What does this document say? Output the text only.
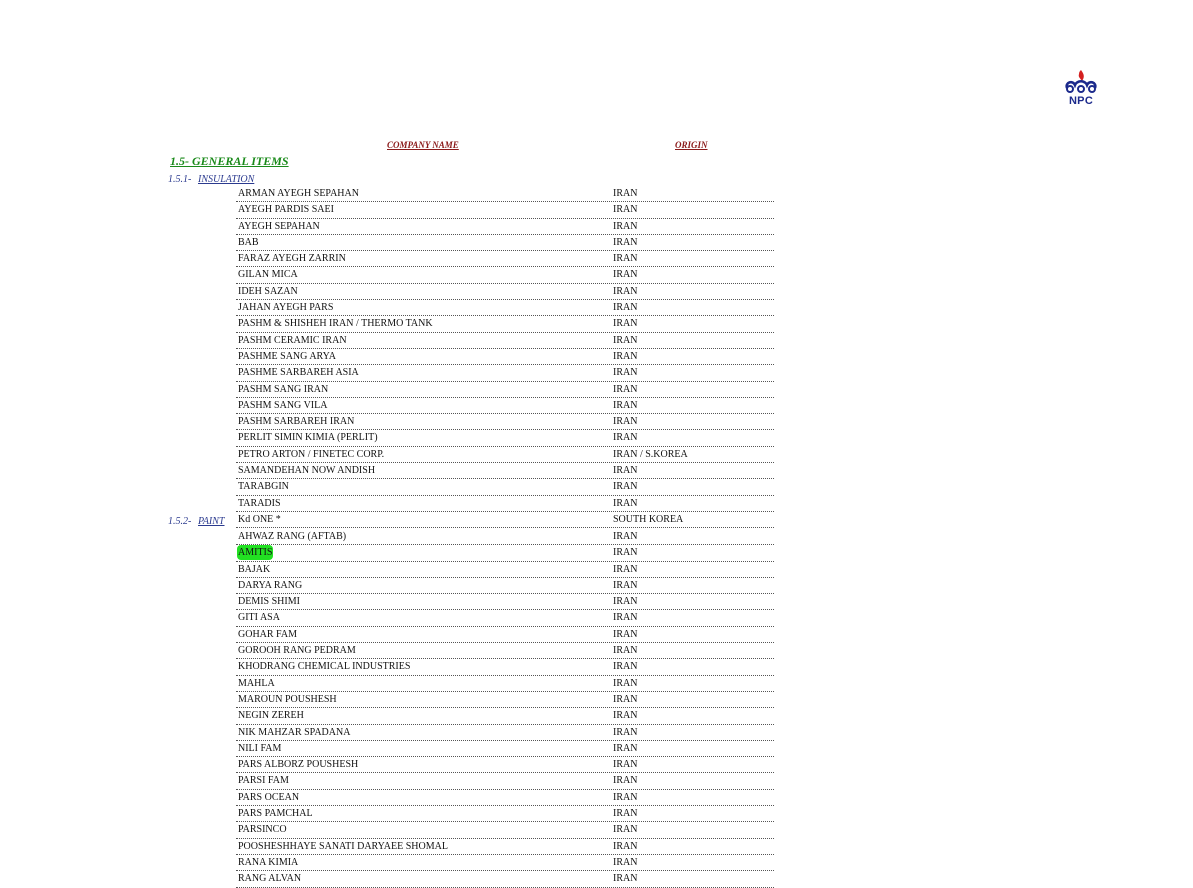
NPC
COMPANY NAME	ORIGIN
1.5- GENERAL ITEMS
1.5.1- INSULATION
ARMAN AYEGH SEPAHAN	IRAN
AYEGH PARDIS SAEI	IRAN
AYEGH SEPAHAN	IRAN
BAB	IRAN
FARAZ AYEGH ZARRIN	IRAN
GILAN MICA	IRAN
IDEH SAZAN	IRAN
JAHAN AYEGH PARS	IRAN
PASHM & SHISHEH IRAN / THERMO TANK	IRAN
PASHM CERAMIC IRAN	IRAN
PASHME SANG ARYA	IRAN
PASHME SARBAREH ASIA	IRAN
PASHM SANG IRAN	IRAN
PASHM SANG VILA	IRAN
PASHM SARBAREH IRAN	IRAN
PERLIT SIMIN KIMIA (PERLIT)	IRAN
PETRO ARTON / FINETEC CORP.	IRAN / S.KOREA
SAMANDEHAN NOW ANDISH	IRAN
TARABGIN	IRAN
TARADIS	IRAN
Kd ONE *	SOUTH KOREA
1.5.2- PAINT
AHWAZ RANG (AFTAB)	IRAN
AMITIS	IRAN
BAJAK	IRAN
DARYA RANG	IRAN
DEMIS SHIMI	IRAN
GITI ASA	IRAN
GOHAR FAM	IRAN
GOROOH RANG PEDRAM	IRAN
KHODRANG CHEMICAL INDUSTRIES	IRAN
MAHLA	IRAN
MAROUN POUSHESH	IRAN
NEGIN ZEREH	IRAN
NIK MAHZAR SPADANA	IRAN
NILI FAM	IRAN
PARS ALBORZ POUSHESH	IRAN
PARSI FAM	IRAN
PARS OCEAN	IRAN
PARS PAMCHAL	IRAN
PARSINCO	IRAN
POOSHESHHAYE SANATI DARYAEE SHOMAL	IRAN
RANA KIMIA	IRAN
RANG ALVAN	IRAN
